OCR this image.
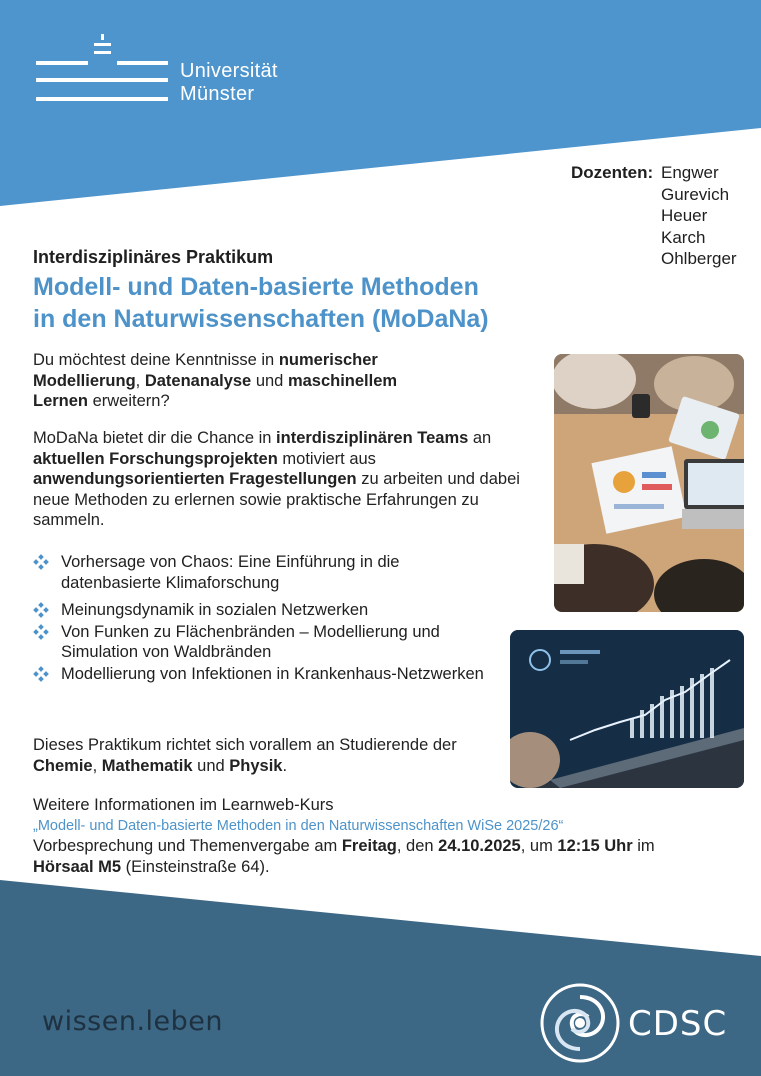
Universität
Münster
Dozenten: Engwer
Gurevich
Heuer
Karch
Ohlberger
Interdisziplinäres Praktikum
Modell- und Daten-basierte Methoden
in den Naturwissenschaften (MoDaNa)
Du möchtest deine Kenntnisse in numerischer Modellierung, Datenanalyse und maschinellem Lernen erweitern?
MoDaNa bietet dir die Chance in interdisziplinären Teams an aktuellen Forschungsprojekten motiviert aus
anwendungsorientierten Fragestellungen zu arbeiten und dabei neue Methoden zu erlernen sowie praktische Erfahrungen zu sammeln.
Vorhersage von Chaos: Eine Einführung in die datenbasierte Klimaforschung
Meinungsdynamik in sozialen Netzwerken
Von Funken zu Flächenbränden – Modellierung und Simulation von Waldbränden
Modellierung von Infektionen in Krankenhaus-Netzwerken
Dieses Praktikum richtet sich vorallem an Studierende der Chemie, Mathematik und Physik.
Weitere Informationen im Learnweb-Kurs
„Modell- und Daten-basierte Methoden in den Naturwissenschaften WiSe 2025/26“
Vorbesprechung und Themenvergabe am Freitag, den 24.10.2025, um 12:15 Uhr im
Hörsaal M5 (Einsteinstraße 64).
wissen.leben	CDSC
